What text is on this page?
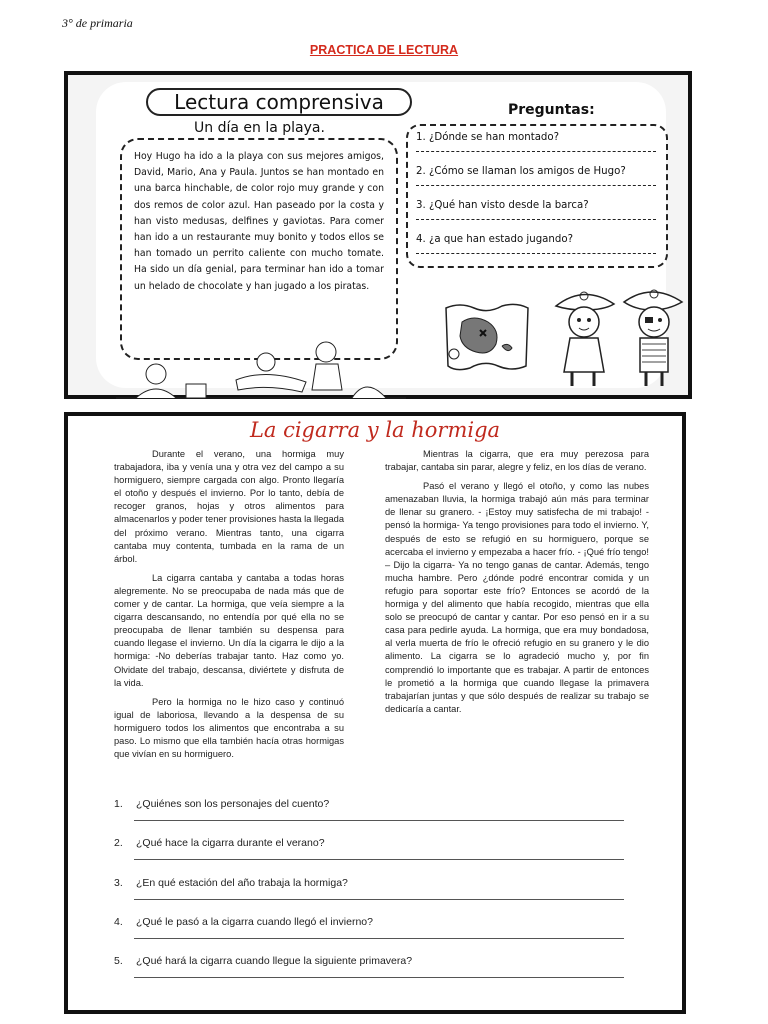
3° de primaria
PRACTICA DE LECTURA
Lectura comprensiva
Un día en la playa.

Hoy Hugo ha ido a la playa con sus mejores amigos, David, Mario, Ana y Paula. Juntos se han montado en una barca hinchable, de color rojo muy grande y con dos remos de color azul. Han paseado por la costa y han visto medusas, delfines y gaviotas. Para comer han ido a un restaurante muy bonito y todos ellos se han tomado un perrito caliente con mucho tomate. Ha sido un día genial, para terminar han ido a tomar un helado de chocolate y han jugado a los piratas.

Preguntas:
1. ¿Dónde se han montado?
2. ¿Cómo se llaman los amigos de Hugo?
3. ¿Qué han visto desde la barca?
4. ¿a que han estado jugando?
La cigarra y la hormiga

Durante el verano, una hormiga muy trabajadora, iba y venía una y otra vez del campo a su hormiguero, siempre cargada con algo. Pronto llegaría el otoño y después el invierno. Por lo tanto, debía de recoger granos, hojas y otros alimentos para almacenarlos y poder tener provisiones hasta la llegada del próximo verano. Mientras tanto, una cigarra cantaba muy contenta, tumbada en la rama de un árbol.

La cigarra cantaba y cantaba a todas horas alegremente. No se preocupaba de nada más que de comer y de cantar. La hormiga, que veía siempre a la cigarra descansando, no entendía por qué ella no se preocupaba de llenar también su despensa para cuando llegase el invierno. Un día la cigarra le dijo a la hormiga: -No deberías trabajar tanto. Haz como yo. Olvidate del trabajo, descansa, diviértete y disfruta de la vida.

Pero la hormiga no le hizo caso y continuó igual de laboriosa, llevando a la despensa de su hormiguero todos los alimentos que encontraba a su paso. Lo mismo que ella también hacía otras hormigas que vivían en su hormiguero.

Mientras la cigarra, que era muy perezosa para trabajar, cantaba sin parar, alegre y feliz, en los días de verano.

Pasó el verano y llegó el otoño, y como las nubes amenazaban lluvia, la hormiga trabajó aún más para terminar de llenar su granero. - ¡Estoy muy satisfecha de mi trabajo! - pensó la hormiga- Ya tengo provisiones para todo el invierno. Y, después de esto se refugió en su hormiguero, porque se acercaba el invierno y empezaba a hacer frío. - ¡Qué frío tengo! – Dijo la cigarra- Ya no tengo ganas de cantar. Además, tengo mucha hambre. Pero ¿dónde podré encontrar comida y un refugio para soportar este frío? Entonces se acordó de la hormiga y del alimento que había recogido, mientras que ella solo se preocupó de cantar y cantar. Por eso pensó en ir a su casa para pedirle ayuda. La hormiga, que era muy bondadosa, al verla muerta de frío le ofreció refugio en su granero y le dio alimento. La cigarra se lo agradeció mucho y, por fin comprendió lo importante que es trabajar. A partir de entonces le prometió a la hormiga que cuando llegase la primavera trabajarían juntas y que sólo después de realizar su trabajo se dedicaría a cantar.

1. ¿Quiénes son los personajes del cuento?
2. ¿Qué hace la cigarra durante el verano?
3. ¿En qué estación del año trabaja la hormiga?
4. ¿Qué le pasó a la cigarra cuando llegó el invierno?
5. ¿Qué hará la cigarra cuando llegue la siguiente primavera?
